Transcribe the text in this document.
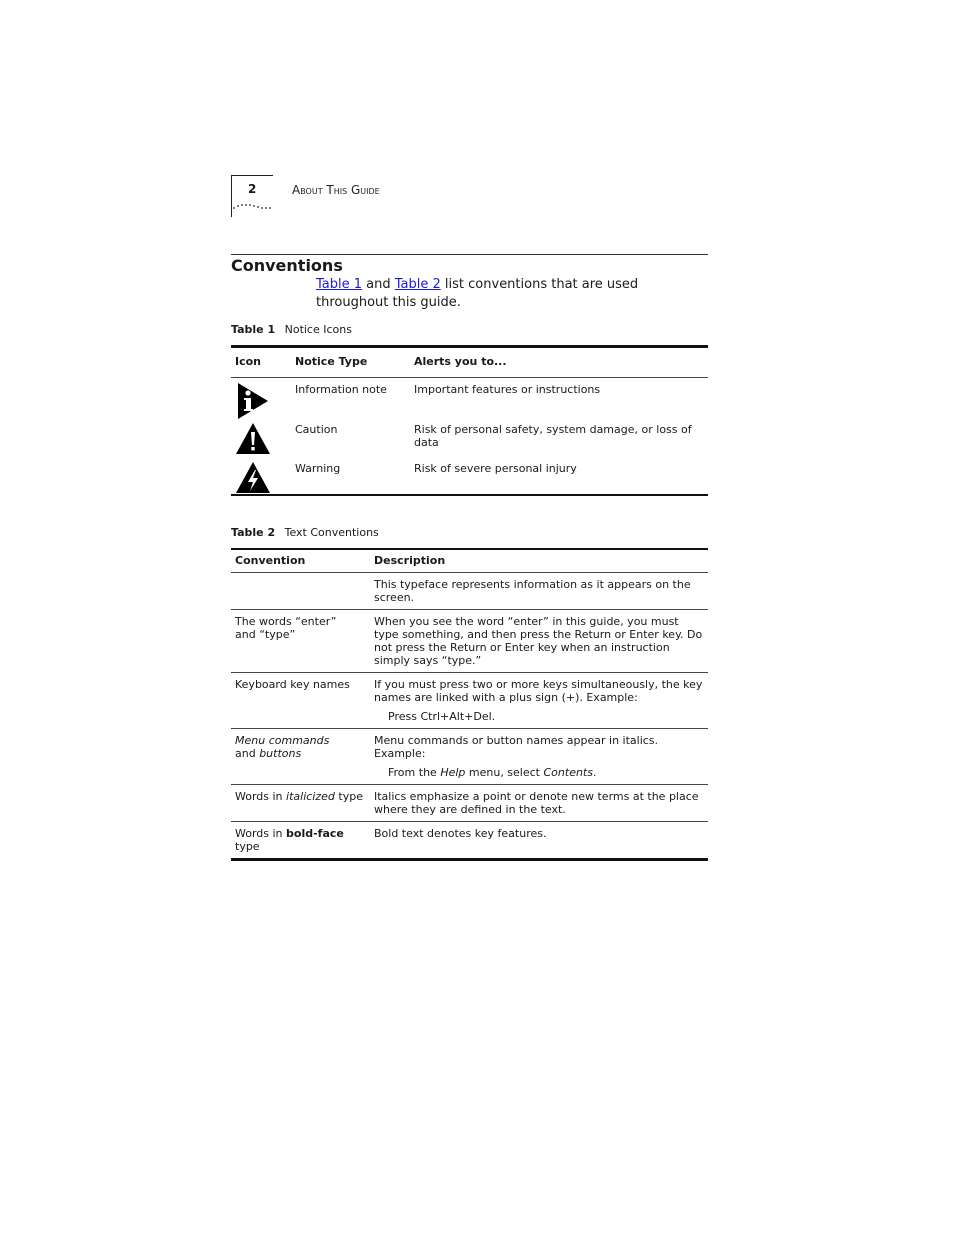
2	About This Guide
Conventions
Table 1 and Table 2 list conventions that are used throughout this guide.
Table 1 Notice Icons
Icon	Notice Type	Alerts you to...

	Information note	Important features or instructions

	Caution	Risk of personal safety, system damage, or loss of data

	Warning	Risk of severe personal injury
Table 2 Text Conventions
Convention	Description
	This typeface represents information as it appears on the screen.
The words “enter” and “type”	When you see the word “enter” in this guide, you must type something, and then press the Return or Enter key. Do not press the Return or Enter key when an instruction simply says “type.”
Keyboard key names	If you must press two or more keys simultaneously, the key names are linked with a plus sign (+). Example:
Press Ctrl+Alt+Del.

Menu commands
and buttons	Menu commands or button names appear in italics. Example:
From the Help menu, select Contents.

Words in italicized type	Italics emphasize a point or denote new terms at the place where they are defined in the text.
Words in bold-face type	Bold text denotes key features.
